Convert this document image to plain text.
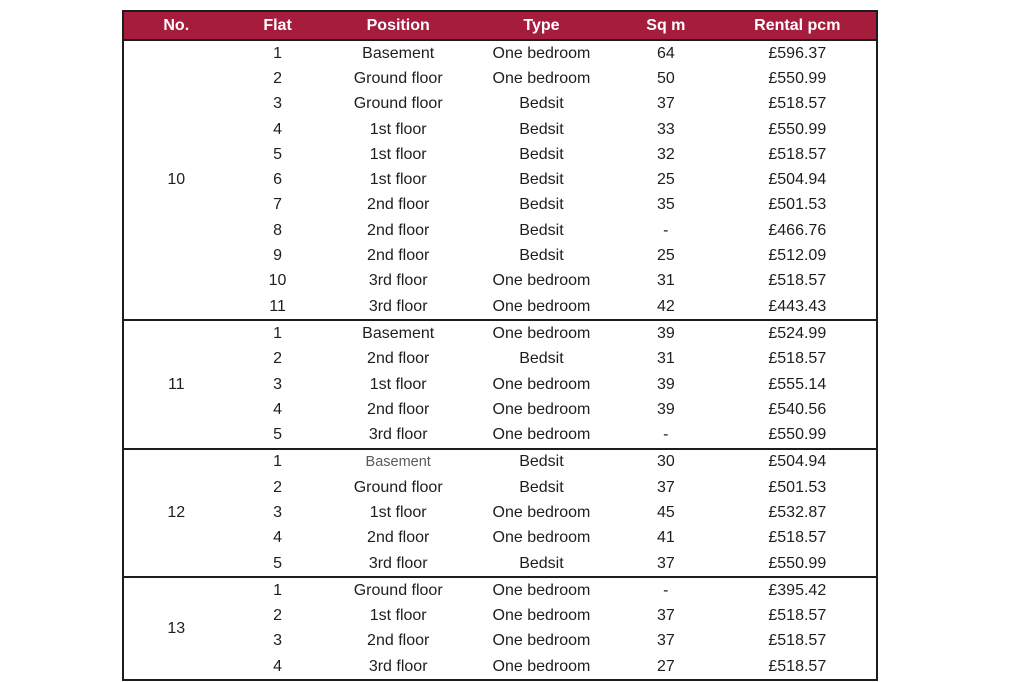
No.	Flat	Position	Type	Sq m	Rental pcm
10	1	Basement	One bedroom	64	£596.37
	2	Ground floor	One bedroom	50	£550.99
	3	Ground floor	Bedsit	37	£518.57
	4	1st floor	Bedsit	33	£550.99
	5	1st floor	Bedsit	32	£518.57
	6	1st floor	Bedsit	25	£504.94
	7	2nd floor	Bedsit	35	£501.53
	8	2nd floor	Bedsit	-	£466.76
	9	2nd floor	Bedsit	25	£512.09
	10	3rd floor	One bedroom	31	£518.57
	11	3rd floor	One bedroom	42	£443.43
11	1	Basement	One bedroom	39	£524.99
	2	2nd floor	Bedsit	31	£518.57
	3	1st floor	One bedroom	39	£555.14
	4	2nd floor	One bedroom	39	£540.56
	5	3rd floor	One bedroom	-	£550.99
12	1	Basement	Bedsit	30	£504.94
	2	Ground floor	Bedsit	37	£501.53
	3	1st floor	One bedroom	45	£532.87
	4	2nd floor	One bedroom	41	£518.57
	5	3rd floor	Bedsit	37	£550.99
13	1	Ground floor	One bedroom	-	£395.42
	2	1st floor	One bedroom	37	£518.57
	3	2nd floor	One bedroom	37	£518.57
	4	3rd floor	One bedroom	27	£518.57
